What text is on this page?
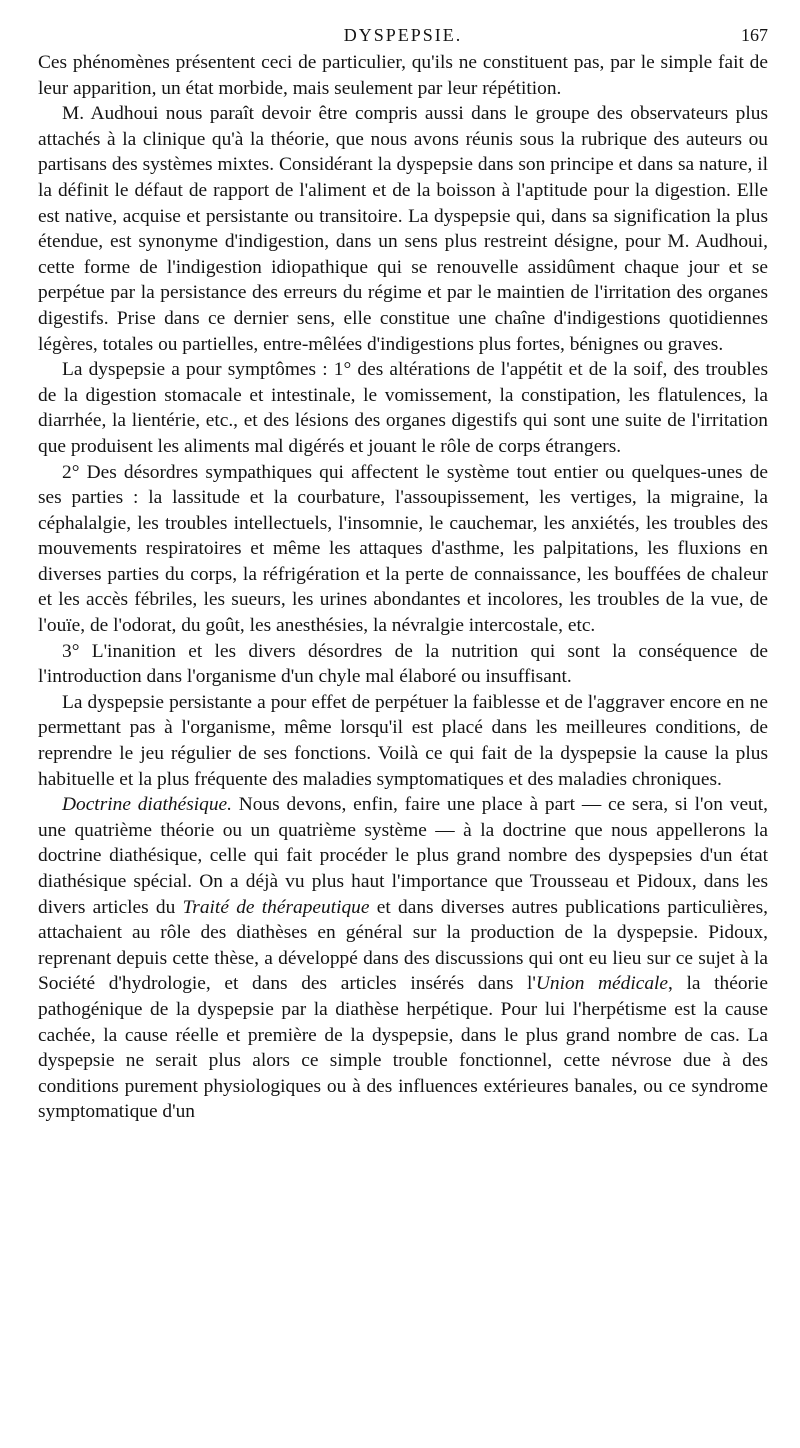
DYSPEPSIE.	167

Ces phénomènes présentent ceci de particulier, qu'ils ne constituent pas, par le simple fait de leur apparition, un état morbide, mais seulement par leur répétition.

M. Audhoui nous paraît devoir être compris aussi dans le groupe des observateurs plus attachés à la clinique qu'à la théorie, que nous avons réunis sous la rubrique des auteurs ou partisans des systèmes mixtes. Considérant la dyspepsie dans son principe et dans sa nature, il la définit le défaut de rapport de l'aliment et de la boisson à l'aptitude pour la digestion. Elle est native, acquise et persistante ou transitoire. La dyspepsie qui, dans sa signification la plus étendue, est synonyme d'indigestion, dans un sens plus restreint désigne, pour M. Audhoui, cette forme de l'indigestion idiopathique qui se renouvelle assidûment chaque jour et se perpétue par la persistance des erreurs du régime et par le maintien de l'irritation des organes digestifs. Prise dans ce dernier sens, elle constitue une chaîne d'indigestions quotidiennes légères, totales ou partielles, entre-mêlées d'indigestions plus fortes, bénignes ou graves.

La dyspepsie a pour symptômes : 1° des altérations de l'appétit et de la soif, des troubles de la digestion stomacale et intestinale, le vomissement, la constipation, les flatulences, la diarrhée, la lientérie, etc., et des lésions des organes digestifs qui sont une suite de l'irritation que produisent les aliments mal digérés et jouant le rôle de corps étrangers.

2° Des désordres sympathiques qui affectent le système tout entier ou quelques-unes de ses parties : la lassitude et la courbature, l'assoupissement, les vertiges, la migraine, la céphalalgie, les troubles intellectuels, l'insomnie, le cauchemar, les anxiétés, les troubles des mouvements respiratoires et même les attaques d'asthme, les palpitations, les fluxions en diverses parties du corps, la réfrigération et la perte de connaissance, les bouffées de chaleur et les accès fébriles, les sueurs, les urines abondantes et incolores, les troubles de la vue, de l'ouïe, de l'odorat, du goût, les anesthésies, la névralgie intercostale, etc.

3° L'inanition et les divers désordres de la nutrition qui sont la conséquence de l'introduction dans l'organisme d'un chyle mal élaboré ou insuffisant.

La dyspepsie persistante a pour effet de perpétuer la faiblesse et de l'aggraver encore en ne permettant pas à l'organisme, même lorsqu'il est placé dans les meilleures conditions, de reprendre le jeu régulier de ses fonctions. Voilà ce qui fait de la dyspepsie la cause la plus habituelle et la plus fréquente des maladies symptomatiques et des maladies chroniques.

Doctrine diathésique. Nous devons, enfin, faire une place à part — ce sera, si l'on veut, une quatrième théorie ou un quatrième système — à la doctrine que nous appellerons la doctrine diathésique, celle qui fait procéder le plus grand nombre des dyspepsies d'un état diathésique spécial. On a déjà vu plus haut l'importance que Trousseau et Pidoux, dans les divers articles du Traité de thérapeutique et dans diverses autres publications particulières, attachaient au rôle des diathèses en général sur la production de la dyspepsie. Pidoux, reprenant depuis cette thèse, a développé dans des discussions qui ont eu lieu sur ce sujet à la Société d'hydrologie, et dans des articles insérés dans l'Union médicale, la théorie pathogénique de la dyspepsie par la diathèse herpétique. Pour lui l'herpétisme est la cause cachée, la cause réelle et première de la dyspepsie, dans le plus grand nombre de cas. La dyspepsie ne serait plus alors ce simple trouble fonctionnel, cette névrose due à des conditions purement physiologiques ou à des influences extérieures banales, ou ce syndrome symptomatique d'un
